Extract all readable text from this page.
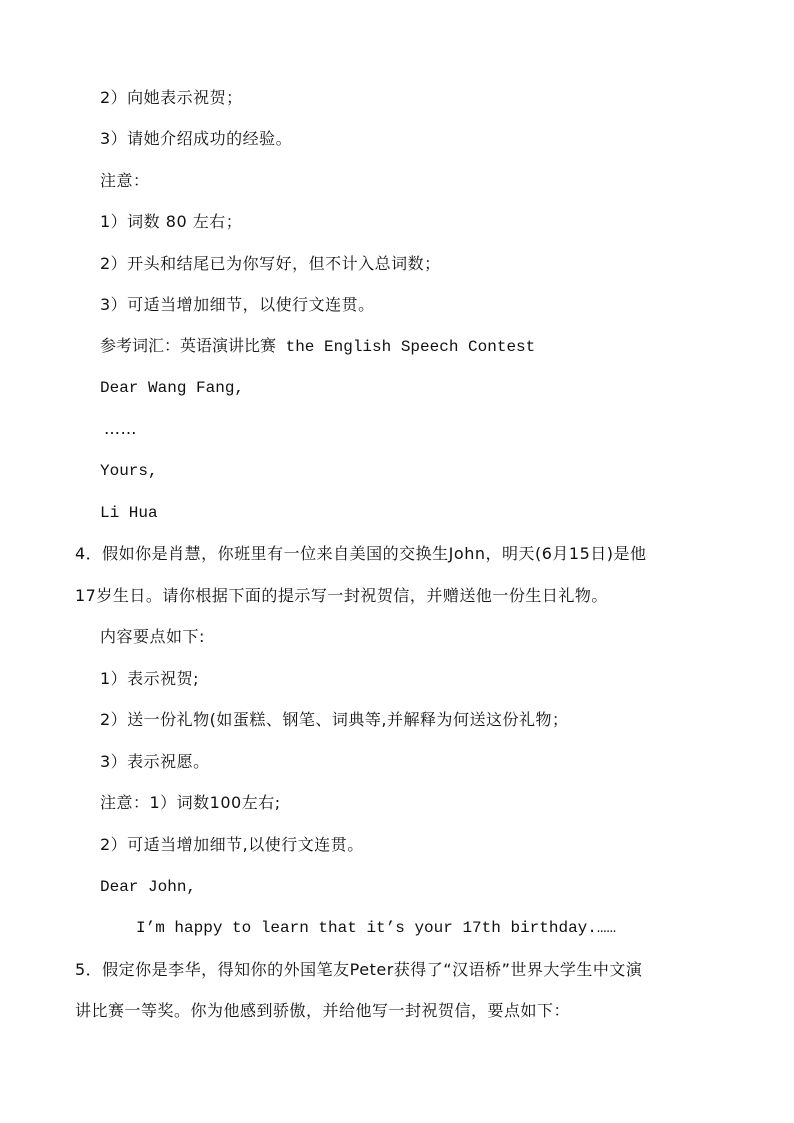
2）向她表示祝贺；
3）请她介绍成功的经验。
注意：
1）词数 80 左右；
2）开头和结尾已为你写好，但不计入总词数；
3）可适当增加细节，以使行文连贯。
参考词汇：英语演讲比赛 the English Speech Contest
Dear Wang Fang,
……
Yours,
Li Hua
4．假如你是肖慧，你班里有一位来自美国的交换生John，明天(6月15日)是他
17岁生日。请你根据下面的提示写一封祝贺信，并赠送他一份生日礼物。
内容要点如下:
1）表示祝贺;
2）送一份礼物(如蛋糕、钢笔、词典等,并解释为何送这份礼物；
3）表示祝愿。
注意：1）词数100左右;
2）可适当增加细节,以使行文连贯。
Dear John,
I’m happy to learn that it’s your 17th birthday.……
5．假定你是李华，得知你的外国笔友Peter获得了“汉语桥”世界大学生中文演
讲比赛一等奖。你为他感到骄傲，并给他写一封祝贺信，要点如下：
